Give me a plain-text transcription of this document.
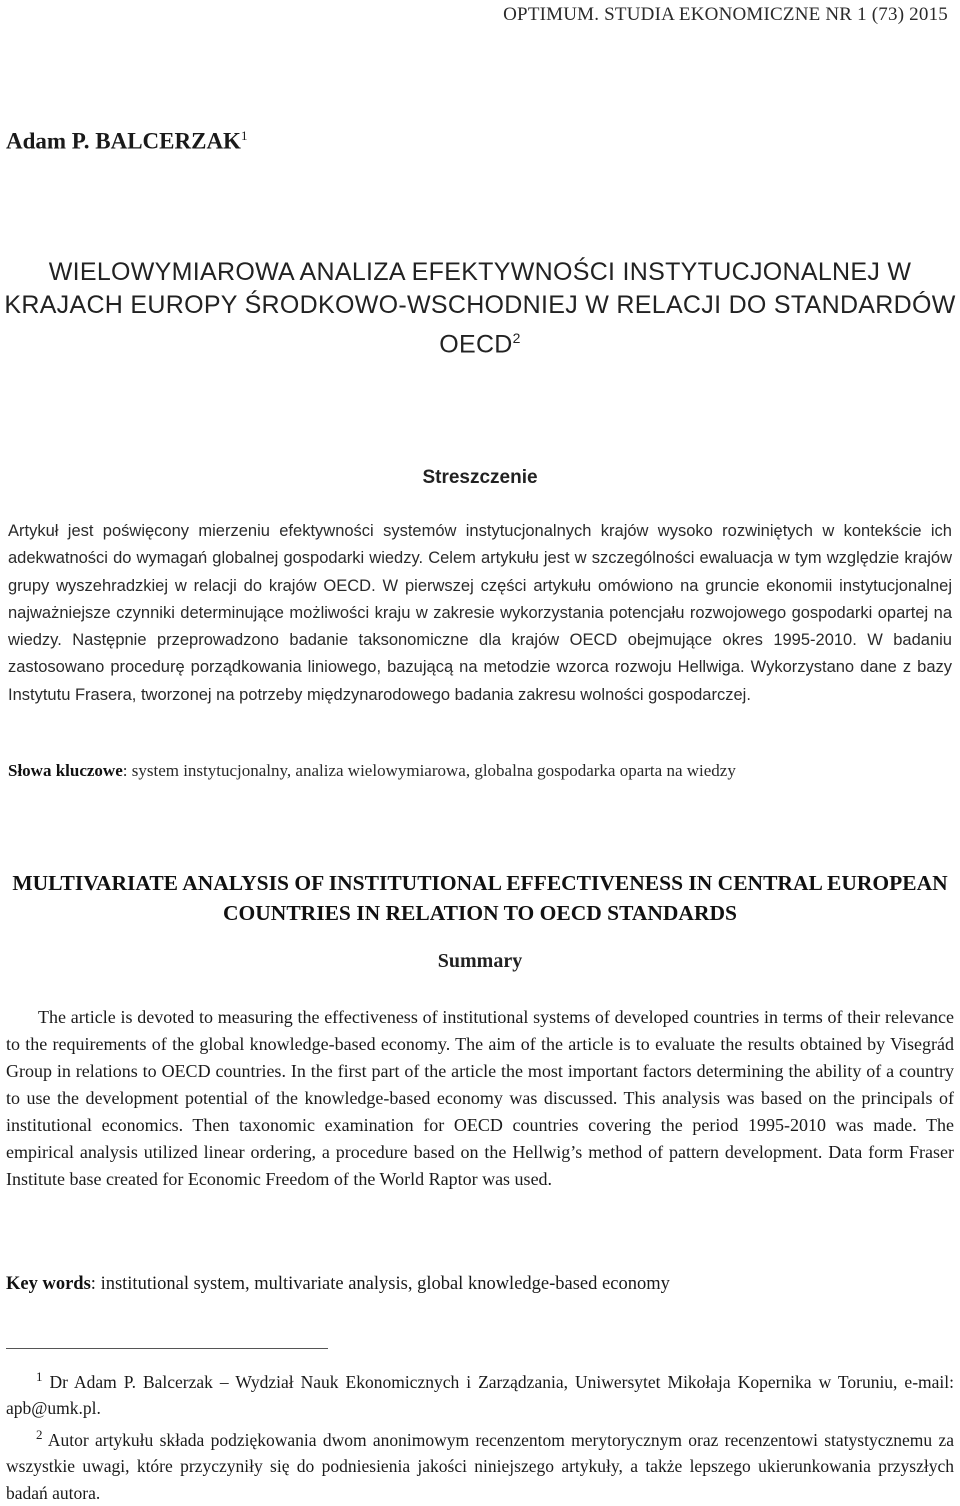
OPTIMUM. STUDIA EKONOMICZNE NR 1 (73) 2015
Adam P. BALCERZAK$^1$
WIELOWYMIAROWA ANALIZA EFEKTYWNOŚCI INSTYTUCJONALNEJ W KRAJACH EUROPY ŚRODKOWO-WSCHODNIEJ W RELACJI DO STANDARDÓW OECD$^2$
Streszczenie
Artykuł jest poświęcony mierzeniu efektywności systemów instytucjonalnych krajów wysoko rozwiniętych w kontekście ich adekwatności do wymagań globalnej gospodarki wiedzy. Celem artykułu jest w szczególności ewaluacja w tym względzie krajów grupy wyszehradzkiej w relacji do krajów OECD. W pierwszej części artykułu omówiono na gruncie ekonomii instytucjonalnej najważniejsze czynniki determinujące możliwości kraju w zakresie wykorzystania potencjału rozwojowego gospodarki opartej na wiedzy. Następnie przeprowadzono badanie taksonomiczne dla krajów OECD obejmujące okres 1995-2010. W badaniu zastosowano procedurę porządkowania liniowego, bazującą na metodzie wzorca rozwoju Hellwiga. Wykorzystano dane z bazy Instytutu Frasera, tworzonej na potrzeby międzynarodowego badania zakresu wolności gospodarczej.
Słowa kluczowe: system instytucjonalny, analiza wielowymiarowa, globalna gospodarka oparta na wiedzy
MULTIVARIATE ANALYSIS OF INSTITUTIONAL EFFECTIVENESS IN CENTRAL EUROPEAN COUNTRIES IN RELATION TO OECD STANDARDS
Summary
The article is devoted to measuring the effectiveness of institutional systems of developed countries in terms of their relevance to the requirements of the global knowledge-based economy. The aim of the article is to evaluate the results obtained by Visegrád Group in relations to OECD countries. In the first part of the article the most important factors determining the ability of a country to use the development potential of the knowledge-based economy was discussed. This analysis was based on the principals of institutional economics. Then taxonomic examination for OECD countries covering the period 1995-2010 was made. The empirical analysis utilized linear ordering, a procedure based on the Hellwig’s method of pattern development. Data form Fraser Institute base created for Economic Freedom of the World Raptor was used.
Key words: institutional system, multivariate analysis, global knowledge-based economy

$^1$ Dr Adam P. Balcerzak – Wydział Nauk Ekonomicznych i Zarządzania, Uniwersytet Mikołaja Kopernika w Toruniu, e-mail: apb@umk.pl.

$^2$ Autor artykułu składa podziękowania dwom anonimowym recenzentom merytorycznym oraz recenzentowi statystycznemu za wszystkie uwagi, które przyczyniły się do podniesienia jakości niniejszego artykuły, a także lepszego ukierunkowania przyszłych badań autora.
